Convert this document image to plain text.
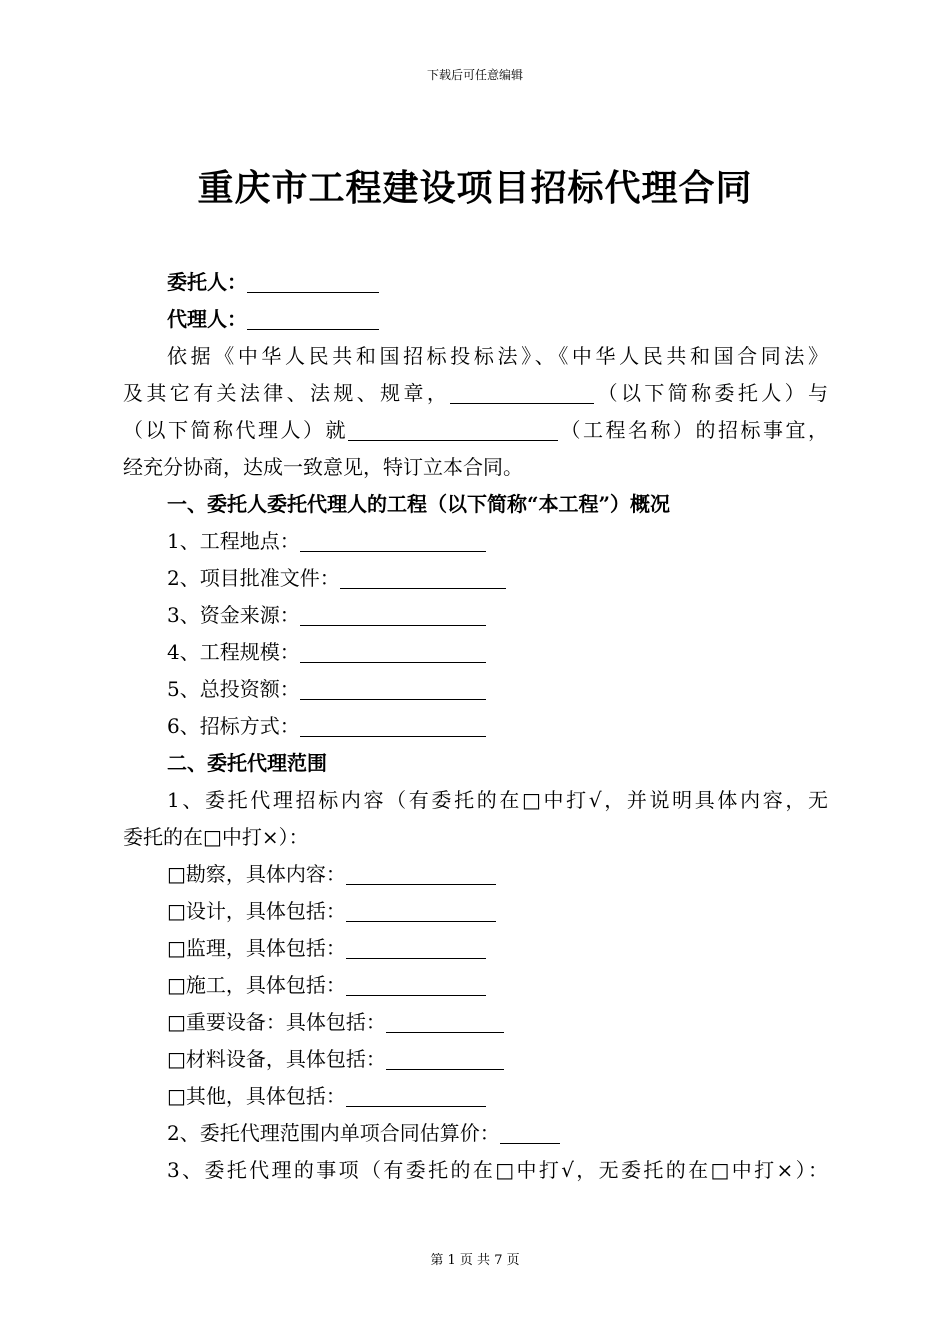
下载后可任意编辑
重庆市工程建设项目招标代理合同

委托人：

代理人：

依据《中华人民共和国招标投标法》、《中华人民共和国合同法》

及其它有关法律、法规、规章，	（以下简称委托人）与

（以下简称代理人）就	（工程名称）的招标事宜，

经充分协商，达成一致意见，特订立本合同。

一、委托人委托代理人的工程（以下简称“本工程”）概况

1、工程地点：

2、项目批准文件：

3、资金来源：

4、工程规模：

5、总投资额：

6、招标方式：

二、委托代理范围

1、委托代理招标内容（有委托的在□中打√，并说明具体内容，无

委托的在□中打×）：

□勘察，具体内容：

□设计，具体包括：

□监理，具体包括：

□施工，具体包括：

□重要设备：具体包括：

□材料设备，具体包括：

□其他，具体包括：

2、委托代理范围内单项合同估算价：

3、委托代理的事项（有委托的在□中打√，无委托的在□中打×）：

第 1 页 共 7 页
